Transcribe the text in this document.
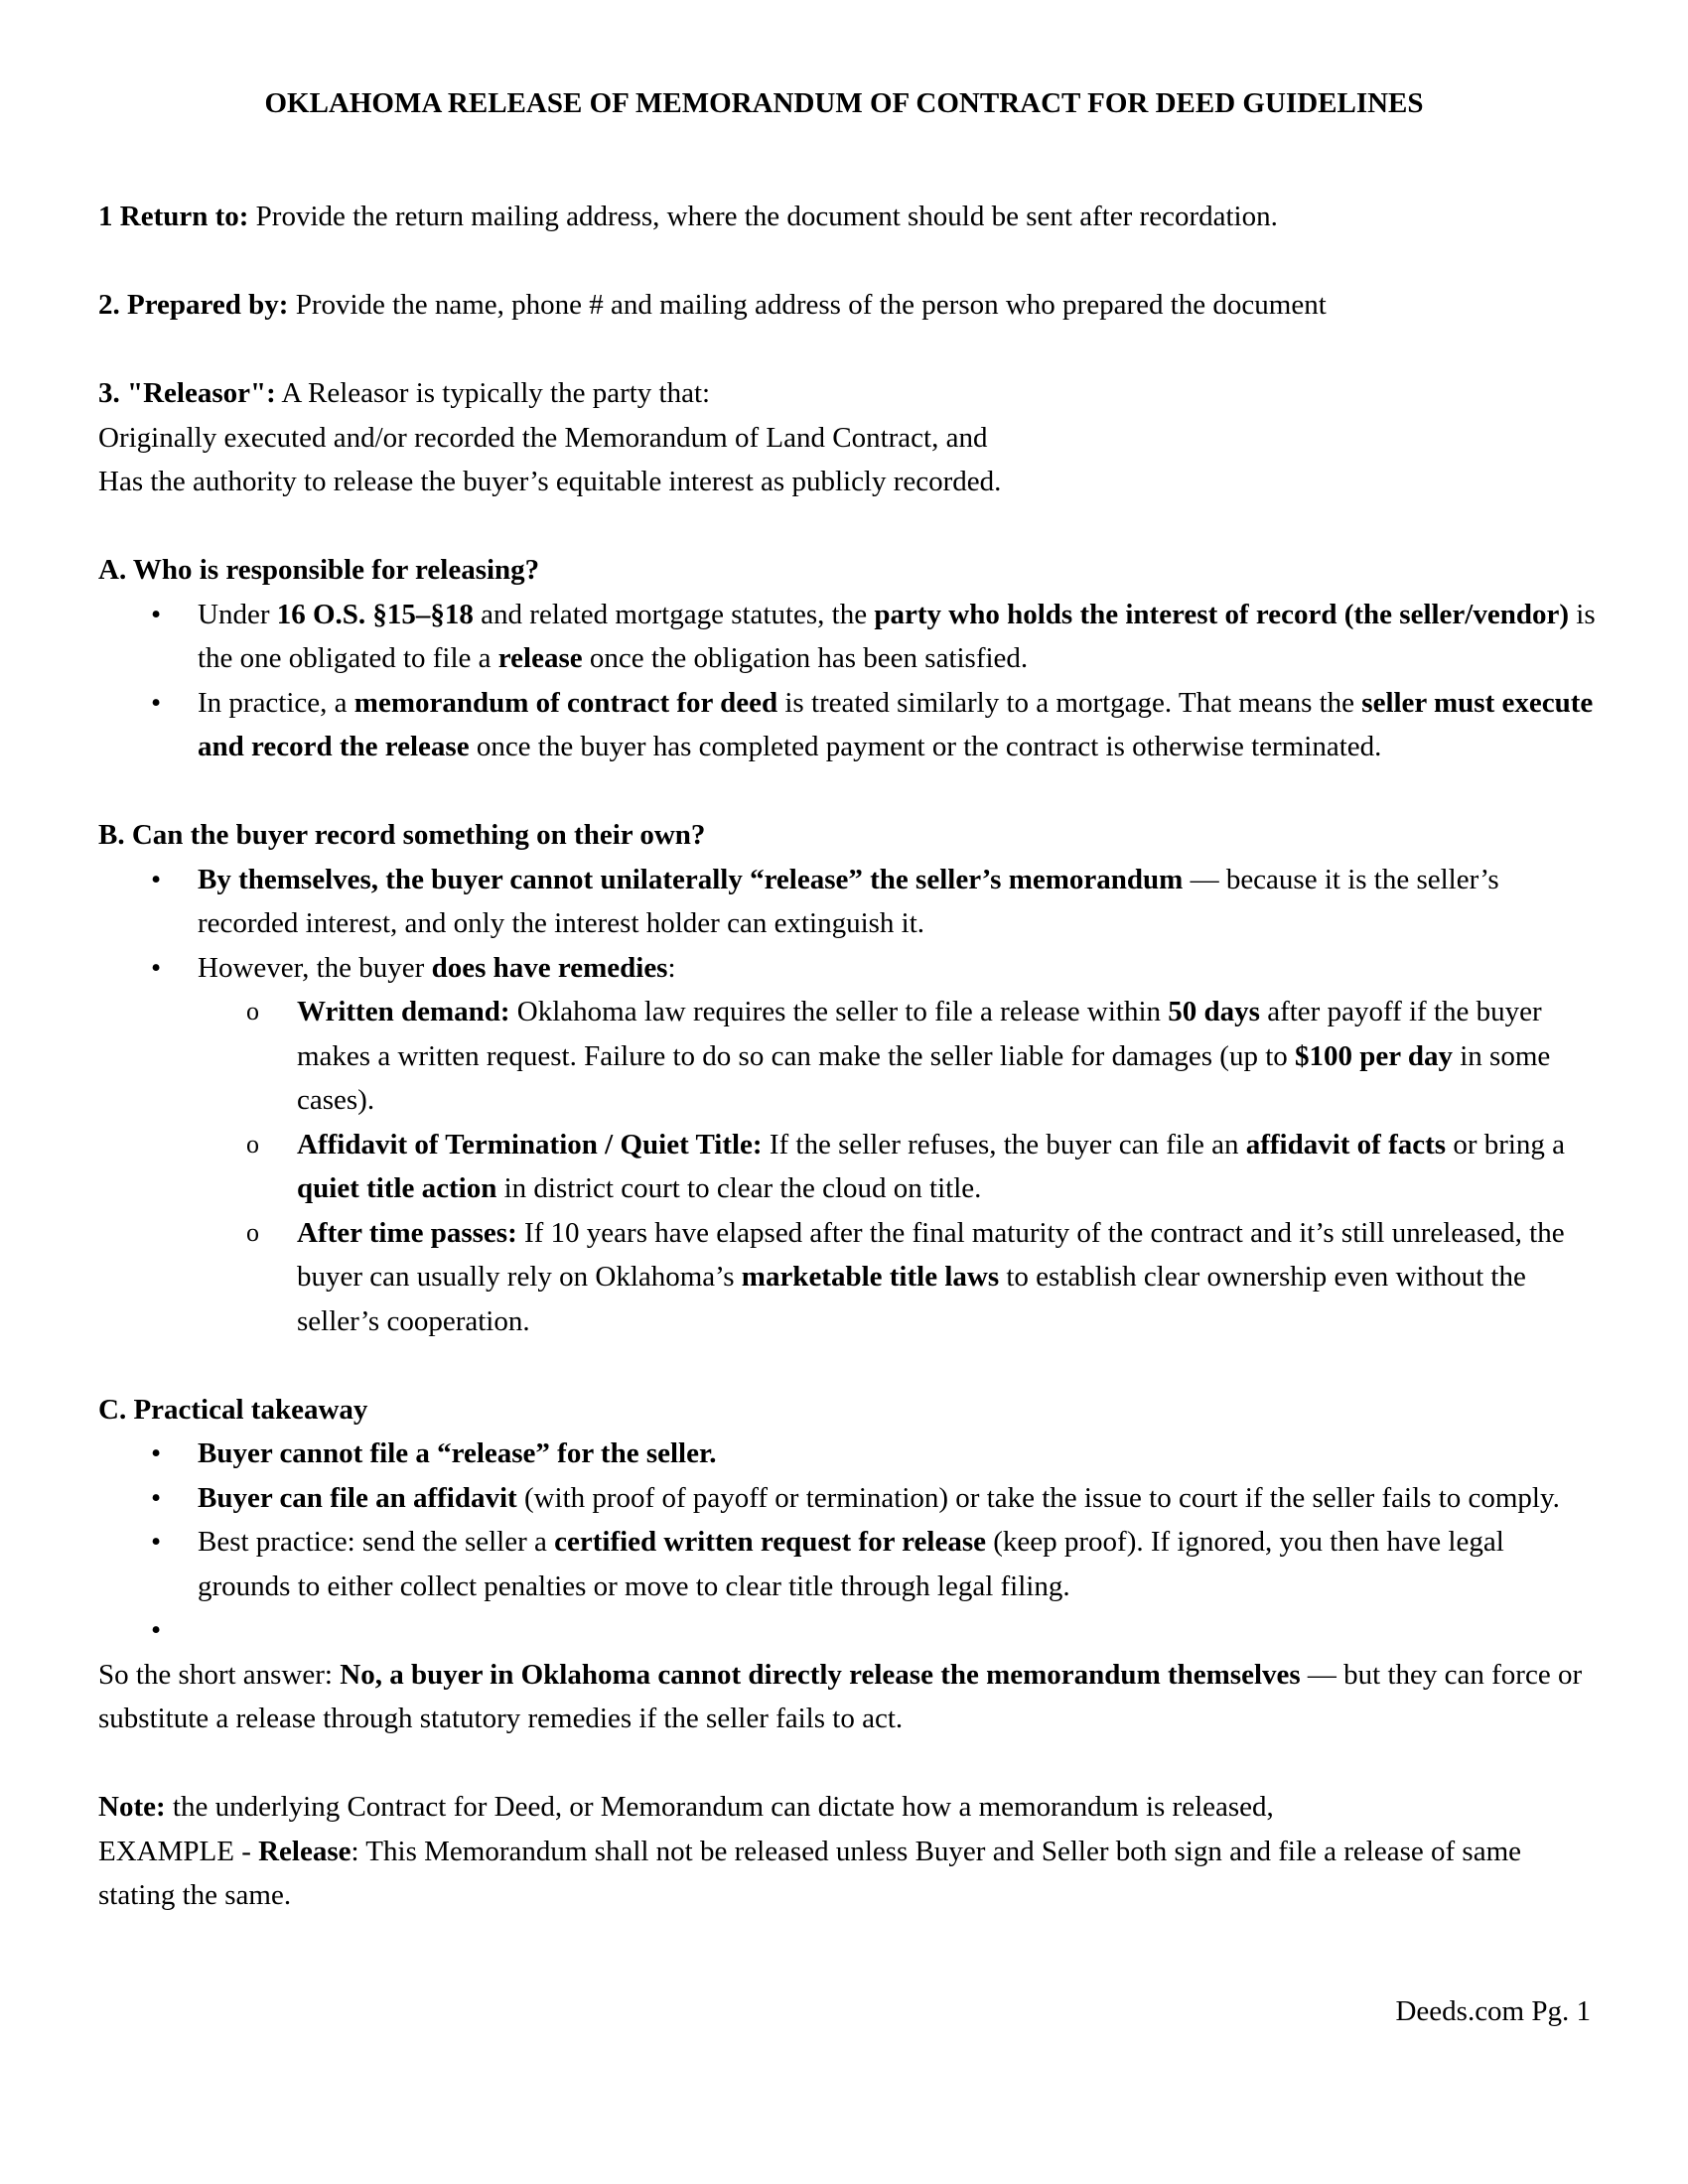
OKLAHOMA RELEASE OF MEMORANDUM OF CONTRACT FOR DEED GUIDELINES

1 Return to: Provide the return mailing address, where the document should be sent after recordation.

2. Prepared by: Provide the name, phone # and mailing address of the person who prepared the document

3. "Releasor": A Releasor is typically the party that:

Originally executed and/or recorded the Memorandum of Land Contract, and

Has the authority to release the buyer’s equitable interest as publicly recorded.

A. Who is responsible for releasing?

• Under 16 O.S. §15–§18 and related mortgage statutes, the party who holds the interest of record (the seller/vendor) is the one obligated to file a release once the obligation has been satisfied.
• In practice, a memorandum of contract for deed is treated similarly to a mortgage. That means the seller must execute and record the release once the buyer has completed payment or the contract is otherwise terminated.

B. Can the buyer record something on their own?

• By themselves, the buyer cannot unilaterally “release” the seller’s memorandum — because it is the seller’s recorded interest, and only the interest holder can extinguish it.
• However, the buyer does have remedies:
o Written demand: Oklahoma law requires the seller to file a release within 50 days after payoff if the buyer makes a written request. Failure to do so can make the seller liable for damages (up to $100 per day in some cases).
o Affidavit of Termination / Quiet Title: If the seller refuses, the buyer can file an affidavit of facts or bring a quiet title action in district court to clear the cloud on title.
o After time passes: If 10 years have elapsed after the final maturity of the contract and it’s still unreleased, the buyer can usually rely on Oklahoma’s marketable title laws to establish clear ownership even without the seller’s cooperation.

C. Practical takeaway

• Buyer cannot file a “release” for the seller.
• Buyer can file an affidavit (with proof of payoff or termination) or take the issue to court if the seller fails to comply.
• Best practice: send the seller a certified written request for release (keep proof). If ignored, you then have legal grounds to either collect penalties or move to clear title through legal filing.
•

So the short answer: No, a buyer in Oklahoma cannot directly release the memorandum themselves — but they can force or substitute a release through statutory remedies if the seller fails to act.

Note: the underlying Contract for Deed, or Memorandum can dictate how a memorandum is released,
EXAMPLE - Release: This Memorandum shall not be released unless Buyer and Seller both sign and file a release of same stating the same.

Deeds.com Pg. 1
